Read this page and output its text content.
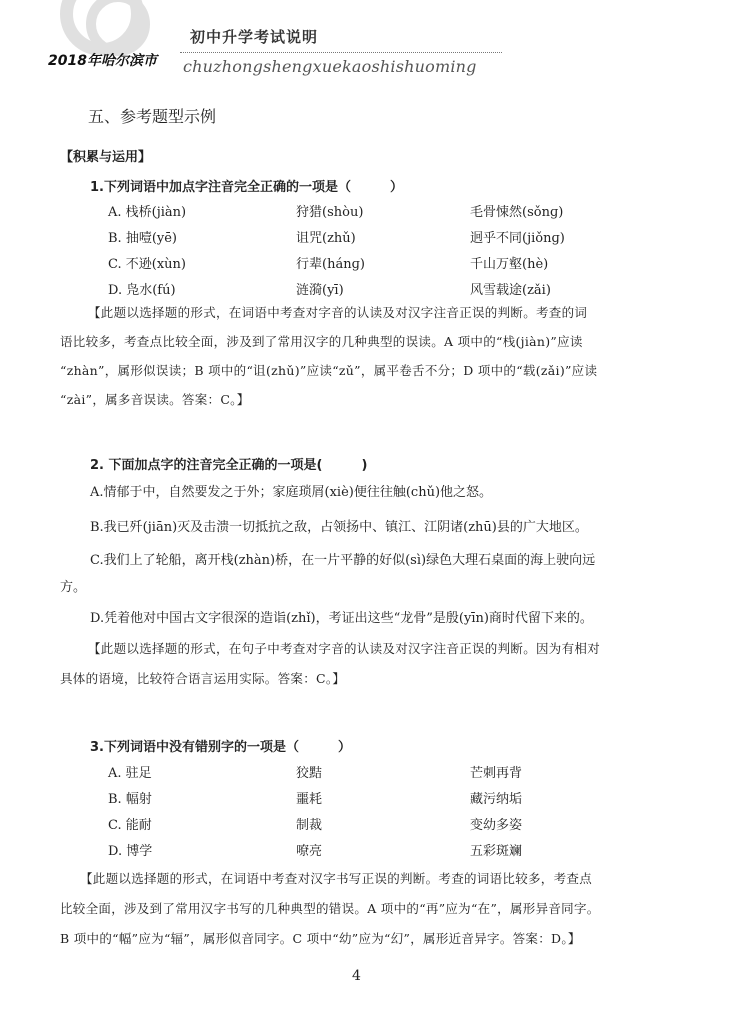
初中升学考试说明
2018年哈尔滨市 chuzhongshengxuekaoshishuoming
五、参考题型示例
【积累与运用】
1.下列词语中加点字注音完全正确的一项是（　　　）
A. 栈桥(jiàn)	狩猎(shòu)	毛骨悚然(sǒnɡ)
B. 抽噎(yē)	诅咒(zhǔ)	迥乎不同(jiǒnɡ)
C. 不逊(xùn)	行辈(hánɡ)	千山万壑(hè)
D. 凫水(fú)	涟漪(yī)	风雪载途(zǎi)
【此题以选择题的形式，在词语中考查对字音的认读及对汉字注音正误的判断。考查的词
语比较多，考查点比较全面，涉及到了常用汉字的几种典型的误读。A 项中的“栈(jiàn)”应读
“zhàn”，属形似误读；B 项中的“诅(zhǔ)”应读“zǔ”，属平卷舌不分；D 项中的“载(zǎi)”应读
“zài”，属多音误读。答案：C。】
2. 下面加点字的注音完全正确的一项是(　　　)
A.情郁于中，自然要发之于外；家庭琐屑(xiè)便往往触(chǔ)他之怒。
B.我已歼(jiān)灭及击溃一切抵抗之敌，占领扬中、镇江、江阴诸(zhū)县的广大地区。
C.我们上了轮船，离开栈(zhàn)桥，在一片平静的好似(sì)绿色大理石桌面的海上驶向远
方。
D.凭着他对中国古文字很深的造诣(zhǐ)，考证出这些“龙骨”是殷(yīn)商时代留下来的。
【此题以选择题的形式，在句子中考查对字音的认读及对汉字注音正误的判断。因为有相对
具体的语境，比较符合语言运用实际。答案：C。】
3.下列词语中没有错别字的一项是（　　　）
A. 驻足	狡黠	芒刺再背
B. 幅射	噩耗	藏污纳垢
C. 能耐	制裁	变幼多姿
D. 博学	嘹亮	五彩斑斓
【此题以选择题的形式，在词语中考查对汉字书写正误的判断。考查的词语比较多，考查点
比较全面，涉及到了常用汉字书写的几种典型的错误。A 项中的“再”应为“在”，属形异音同字。
B 项中的“幅”应为“辐”，属形似音同字。C 项中“幼”应为“幻”，属形近音异字。答案：D。】
4
